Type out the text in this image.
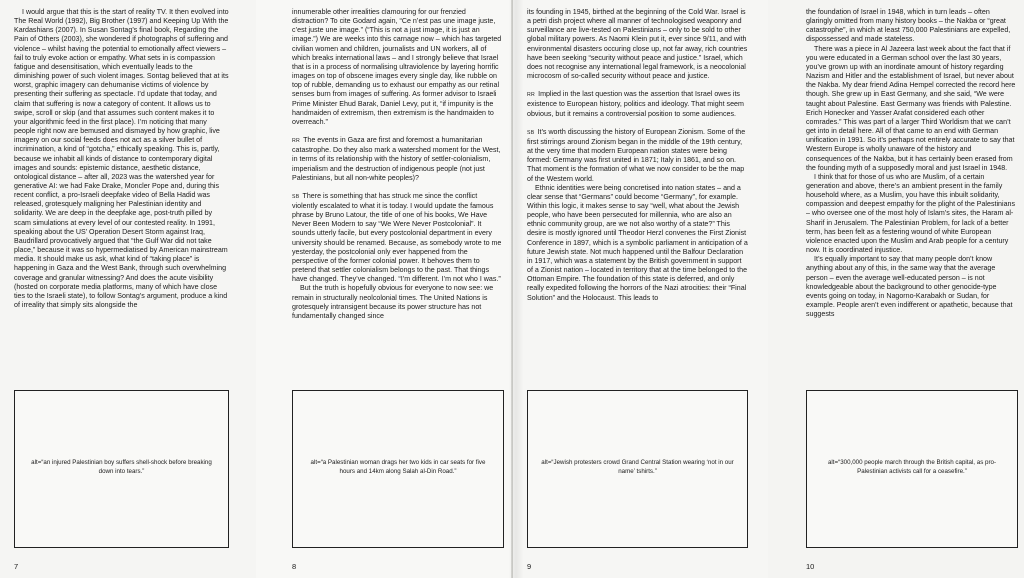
I would argue that this is the start of reality TV. It then evolved into The Real World (1992), Big Brother (1997) and Keeping Up With the Kardashians (2007). In Susan Sontag’s final book, Regarding the Pain of Others (2003), she wondered if photographs of suffering and violence – whilst having the potential to emotionally affect viewers – fail to truly evoke action or empathy. What sets in is compassion fatigue and desensitisation, which eventually leads to the diminishing power of such violent images. Sontag believed that at its worst, graphic imagery can dehumanise victims of violence by presenting their suffering as spectacle. I’d update that today, and claim that suffering is now a category of content. It allows us to swipe, scroll or skip (and that assumes such content makes it to your algorithmic feed in the first place). I’m noticing that many people right now are bemused and dismayed by how graphic, live imagery on our social feeds does not act as a silver bullet of incrimination, a kind of “gotcha,” ethically speaking. This is, partly, because we inhabit all kinds of distance to contemporary digital images and sounds: epistemic distance, aesthetic distance, ontological distance – after all, 2023 was the watershed year for generative AI: we had Fake Drake, Moncler Pope and, during this recent conflict, a pro-Israeli deepfake video of Bella Hadid was released, grotesquely maligning her Palestinian identity and solidarity. We are deep in the deepfake age, post-truth pilled by scam simulations at every level of our contested reality. In 1991, speaking about the US’ Operation Desert Storm against Iraq, Baudrillard provocatively argued that “the Gulf War did not take place,” because it was so hypermediatised by American mainstream media. It should make us ask, what kind of “taking place” is happening in Gaza and the West Bank, through such overwhelming coverage and granular witnessing? And does the acute visibility (hosted on corporate media platforms, many of which have close ties to the Israeli state), to follow Sontag’s argument, produce a kind of irreality that simply sits alongside the

alt=“an injured Palestinian boy suffers shell-shock before breaking down into tears.”
7

innumerable other irrealities clamouring for our frenzied distraction? To cite Godard again, “Ce n’est pas une image juste, c’est juste une image.” (“This is not a just image, it is just an image.”) We are weeks into this carnage now – which has targeted civilian women and children, journalists and UN workers, all of which breaks international laws – and I strongly believe that Israel that is in a process of normalising ultraviolence by layering horrific images on top of obscene images every single day, like rubble on top of rubble, demanding us to exhaust our empathy as our retinal senses burn from images of suffering. As former advisor to Israeli Prime Minister Ehud Barak, Daniel Levy, put it, “if impunity is the handmaiden of extremism, then extremism is the handmaiden to overreach.”

RR The events in Gaza are first and foremost a humanitarian catastrophe. Do they also mark a watershed moment for the West, in terms of its relationship with the history of settler-colonialism, imperialism and the destruction of indigenous people (not just Palestinians, but all non-white peoples)?

SB There is something that has struck me since the conflict violently escalated to what it is today. I would update the famous phrase by Bruno Latour, the title of one of his books, We Have Never Been Modern to say “We Were Never Postcolonial”. It sounds utterly facile, but every postcolonial department in every university should be renamed. Because, as somebody wrote to me yesterday, the postcolonial only ever happened from the perspective of the former colonial power. It behoves them to pretend that settler colonialism belongs to the past. That things have changed. They’ve changed. “I’m different. I’m not who I was.”

But the truth is hopefully obvious for everyone to now see: we remain in structurally neolcolonial times. The United Nations is grotesquely intransigent because its power structure has not fundamentally changed since

alt=“a Palestinian woman drags her two kids in car seats for five hours and 14km along Salah al-Din Road.”
8

its founding in 1945, birthed at the beginning of the Cold War. Israel is a petri dish project where all manner of technologised weaponry and surveillance are live-tested on Palestinians – only to be sold to other global military powers. As Naomi Klein put it, ever since 9/11, and with environmental disasters occuring close up, not far away, rich countries have been seeking “security without peace and justice.” Israel, which does not recognise any international legal framework, is a neocolonial microcosm of so-called security without peace and justice.

RR Implied in the last question was the assertion that Israel owes its existence to European history, politics and ideology. That might seem obvious, but it remains a controversial position to some audiences.

SB It’s worth discussing the history of European Zionism. Some of the first stirrings around Zionism began in the middle of the 19th century, at the very time that modern European nation states were being formed: Germany was first united in 1871; Italy in 1861, and so on. That moment is the formation of what we now consider to be the map of the Western world.

Ethnic identities were being concretised into nation states – and a clear sense that “Germans” could become “Germany”, for example. Within this logic, it makes sense to say “well, what about the Jewish people, who have been persecuted for millennia, who are also an ethnic community group, are we not also worthy of a state?” This desire is mostly ignored until Theodor Herzl convenes the First Zionist Conference in 1897, which is a symbolic parliament in anticipation of a future Jewish state. Not much happened until the Balfour Declaration in 1917, which was a statement by the British government in support of a Zionist nation – located in territory that at the time belonged to the Ottoman Empire. The foundation of this state is deferred, and only really expedited following the horrors of the Nazi atrocities: their “Final Solution” and the Holocaust. This leads to

alt=“Jewish protesters crowd Grand Central Station wearing ‘not in our name’ tshirts.”
9

the foundation of Israel in 1948, which in turn leads – often glaringly omitted from many history books – the Nakba or “great catastrophe”, in which at least 750,000 Palestinians are expelled, dispossessed and made stateless.

There was a piece in Al Jazeera last week about the fact that if you were educated in a German school over the last 30 years, you’ve grown up with an inordinate amount of history regarding Nazism and Hitler and the establishment of Israel, but never about the Nakba. My dear friend Adina Hempel corrected the record here though. She grew up in East Germany, and she said, “We were taught about Palestine. East Germany was friends with Palestine. Erich Honecker and Yasser Arafat considered each other comrades.” This was part of a larger Third Worldism that we can’t get into in detail here. All of that came to an end with German unification in 1991. So it’s perhaps not entirely accurate to say that Western Europe is wholly unaware of the history and consequences of the Nakba, but it has certainly been erased from the founding myth of a supposedly moral and just Israel in 1948.

I think that for those of us who are Muslim, of a certain generation and above, there’s an ambient present in the family household where, as a Muslim, you have this inbuilt solidarity, compassion and deepest empathy for the plight of the Palestinians – who oversee one of the most holy of Islam’s sites, the Haram al-Sharif in Jerusalem. The Palestinian Problem, for lack of a better term, has been felt as a festering wound of white European violence enacted upon the Muslim and Arab people for a century now. It is coordinated injustice.

It’s equally important to say that many people don’t know anything about any of this, in the same way that the average person – even the average well-educated person – is not knowledgeable about the background to other genocide-type events going on today, in Nagorno-Karabakh or Sudan, for example. People aren’t even indifferent or apathetic, because that suggests

alt=“300,000 people march through the British capital, as pro-Palestinian activists call for a ceasefire.”
10
